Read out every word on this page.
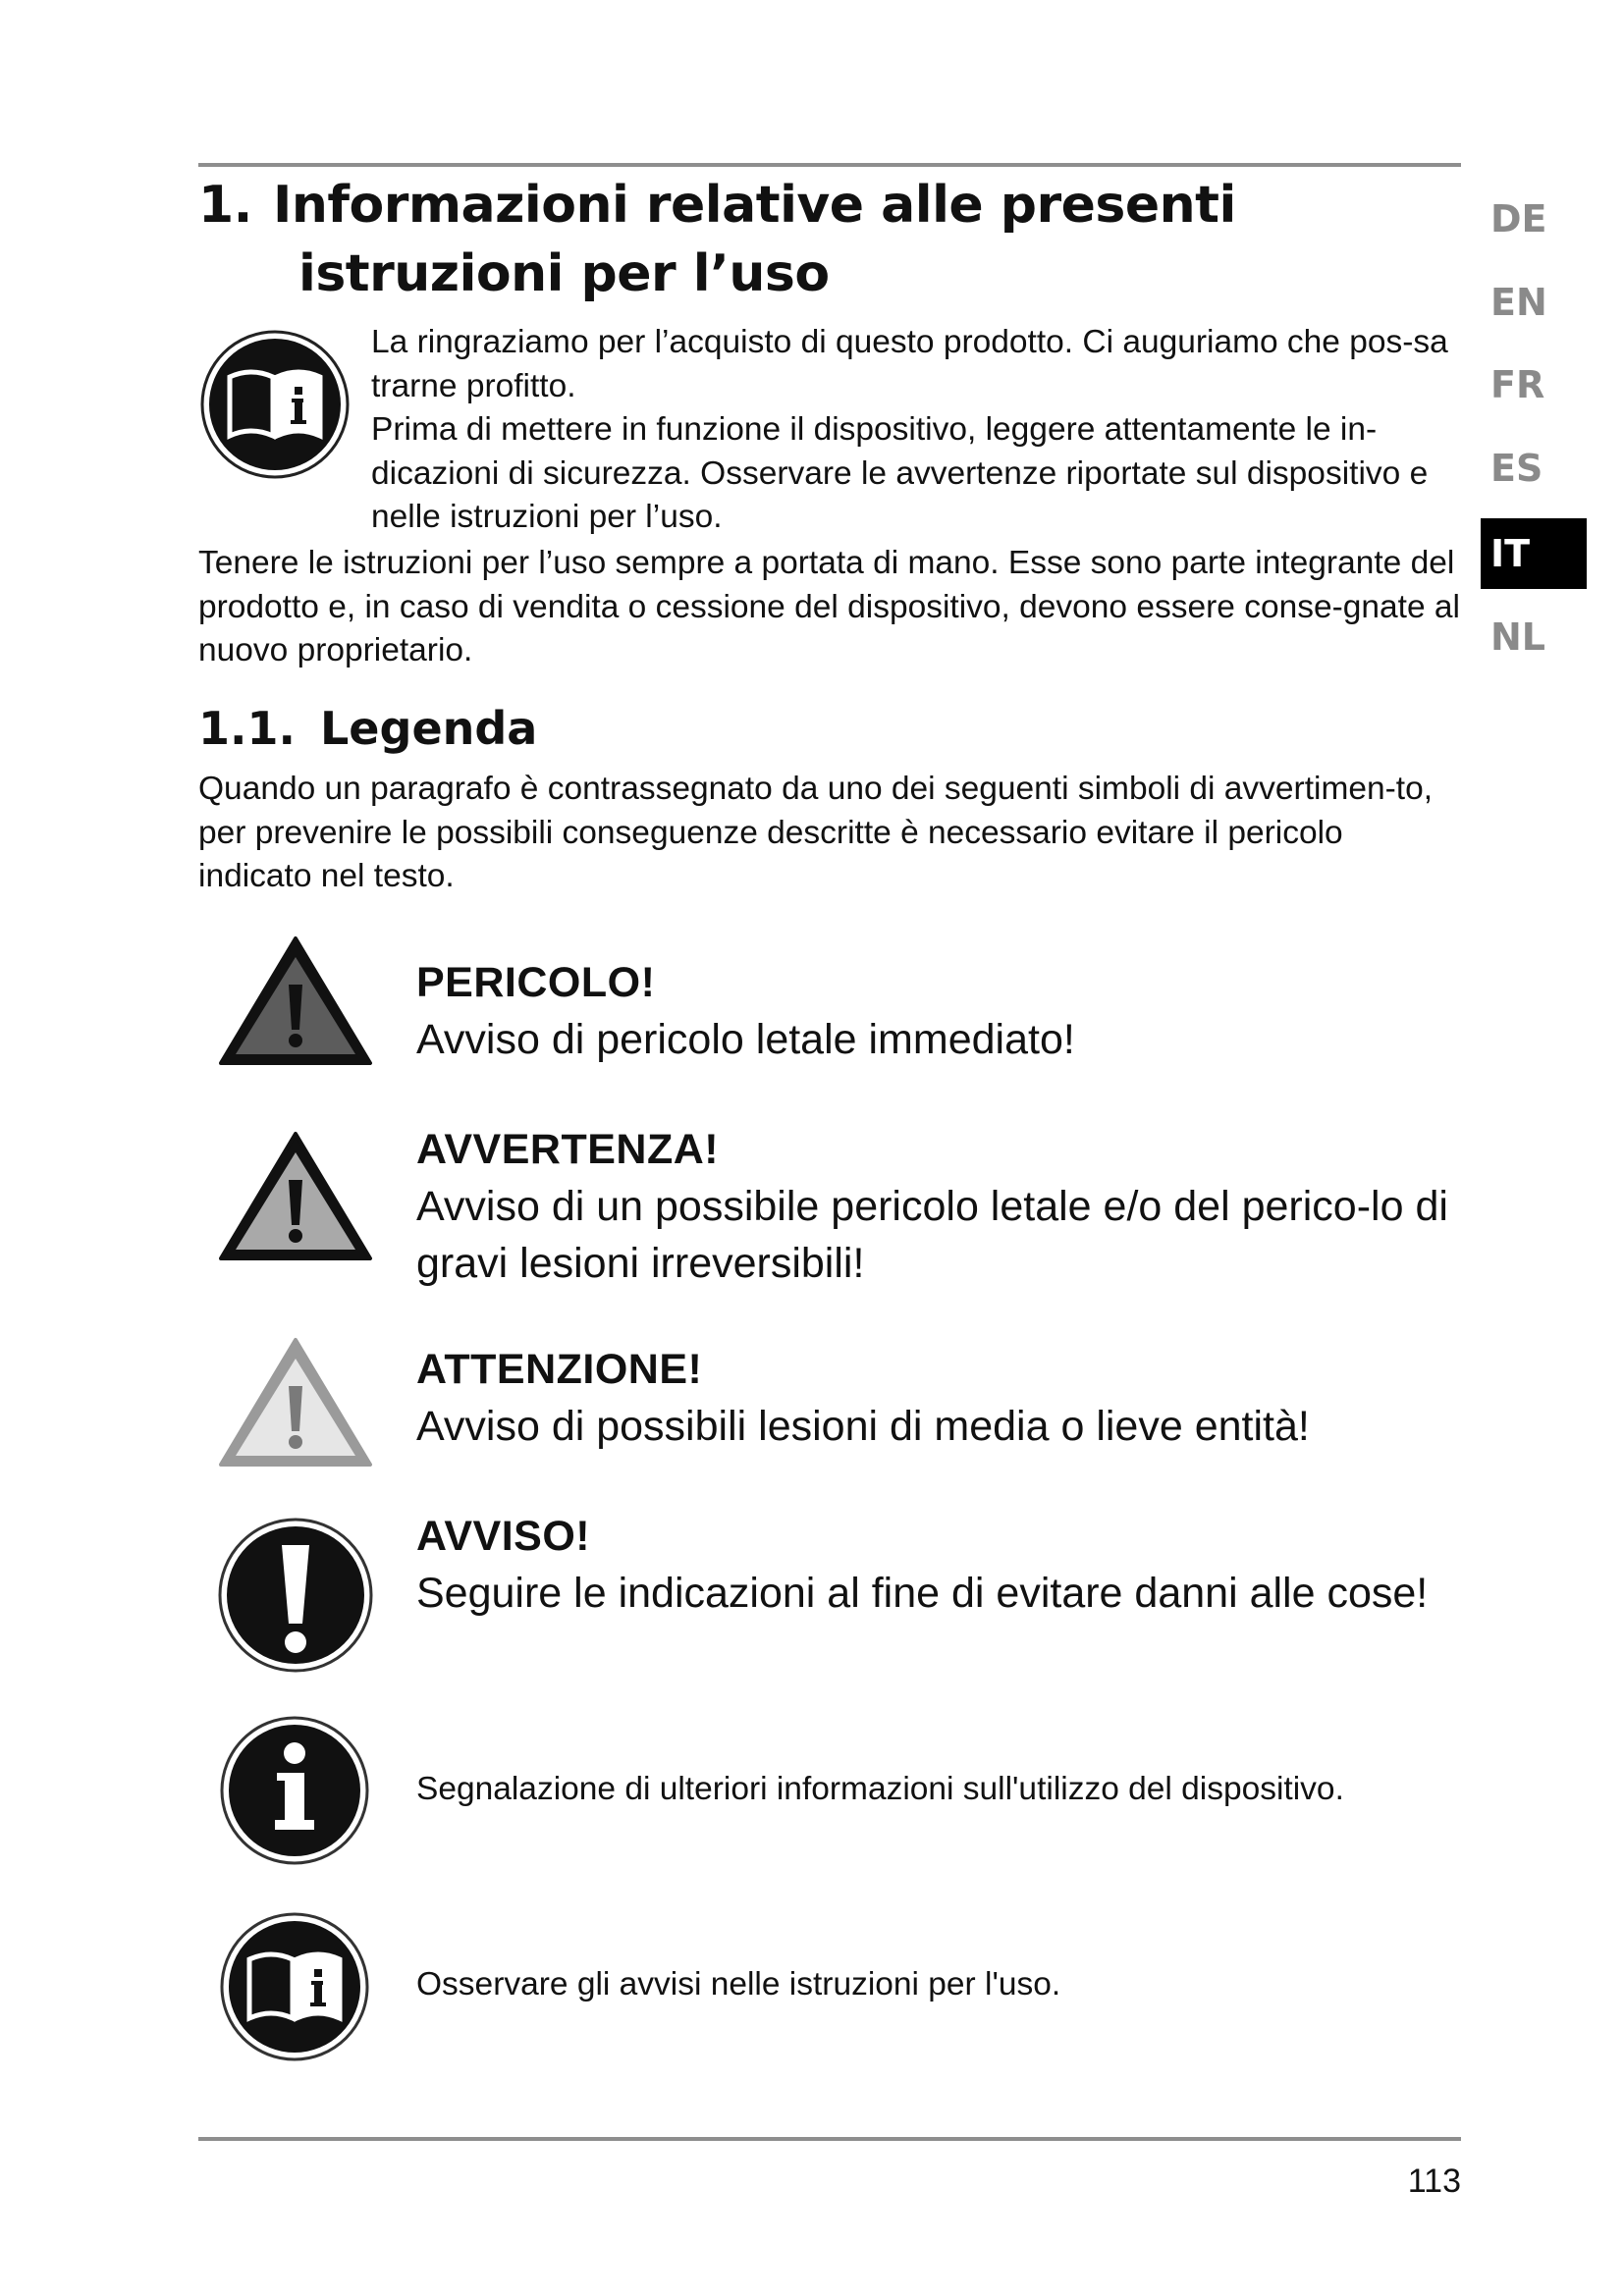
1. Informazioni relative alle presenti
istruzioni per l’uso

La ringraziamo per l’acquisto di questo prodotto. Ci auguriamo che pos-sa trarne profitto.

Prima di mettere in funzione il dispositivo, leggere attentamente le in-dicazioni di sicurezza. Osservare le avvertenze riportate sul dispositivo e nelle istruzioni per l’uso.

Tenere le istruzioni per l’uso sempre a portata di mano. Esse sono parte integrante del prodotto e, in caso di vendita o cessione del dispositivo, devono essere conse-gnate al nuovo proprietario.

1.1. Legenda

Quando un paragrafo è contrassegnato da uno dei seguenti simboli di avvertimen-to, per prevenire le possibili conseguenze descritte è necessario evitare il pericolo indicato nel testo.

PERICOLO!
Avviso di pericolo letale immediato!
AVVERTENZA!
Avviso di un possibile pericolo letale e/o del perico-lo di gravi lesioni irreversibili!
ATTENZIONE!
Avviso di possibili lesioni di media o lieve entità!
AVVISO!
Seguire le indicazioni al fine di evitare danni alle cose!
Segnalazione di ulteriori informazioni sull'utilizzo del dispositivo.
Osservare gli avvisi nelle istruzioni per l'uso.
DE
EN
FR
ES
IT
NL
113
